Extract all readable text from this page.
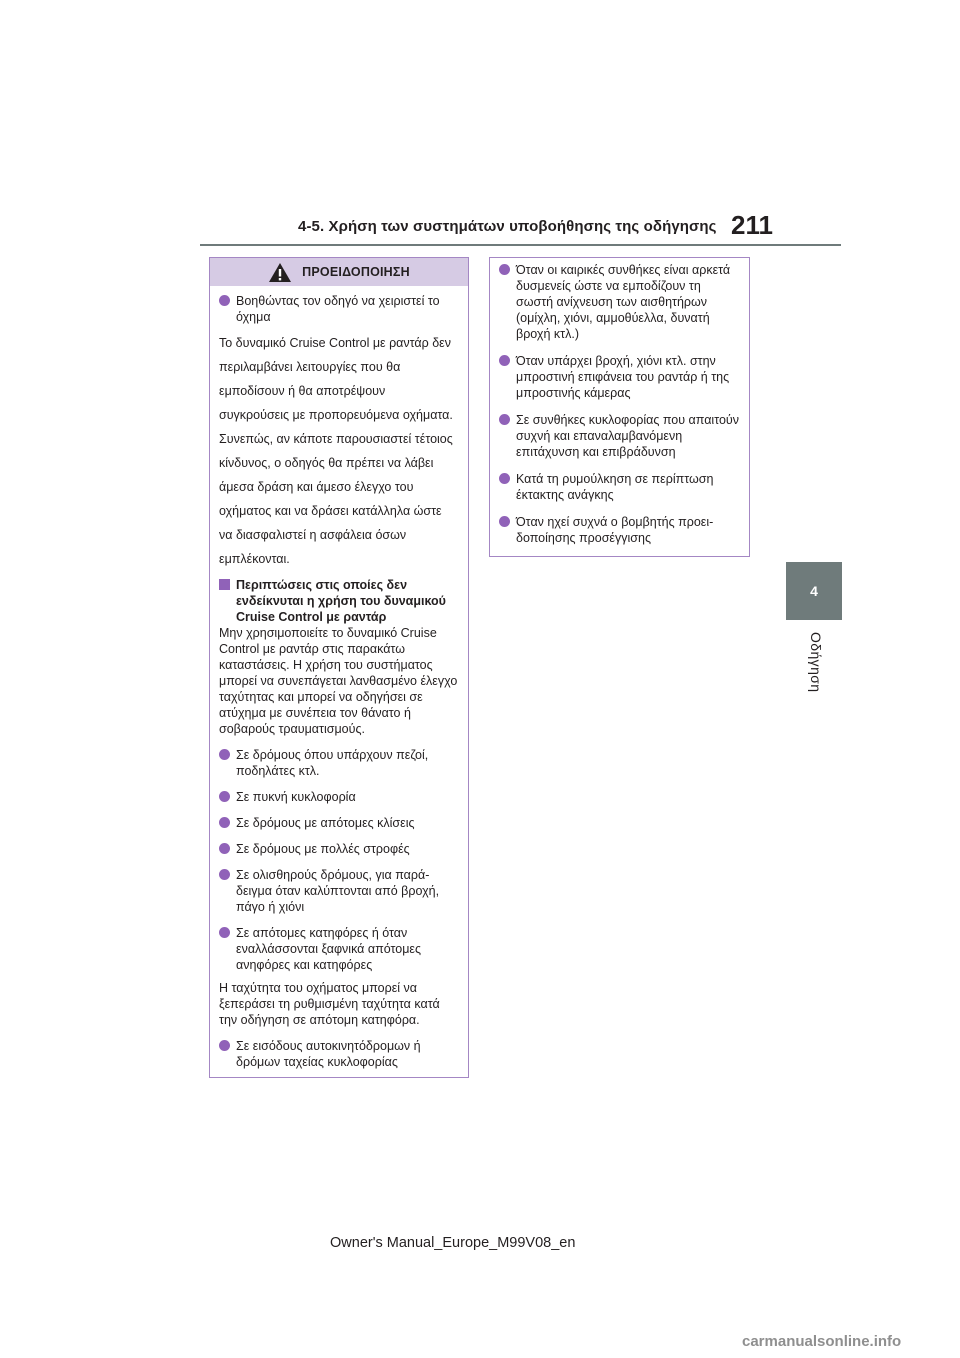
4-5. Χρήση των συστημάτων υποβοήθησης της οδήγησης 211
4
Οδήγηση
ΠΡΟΕΙΔΟΠΟΙΗΣΗ
Βοηθώντας τον οδηγό να χειριστεί το όχημα
Το δυναμικό Cruise Control με ραντάρ δεν περιλαμβάνει λειτουργίες που θα εμποδίσουν ή θα αποτρέψουν συγκρούσεις με προπορευόμενα οχήματα. Συνεπώς, αν κάποτε παρουσιαστεί τέτοιος κίνδυνος, ο οδηγός θα πρέπει να λάβει άμεσα δράση και άμεσο έλεγχο του οχήματος και να δράσει κατάλληλα ώστε να διασφαλιστεί η ασφάλεια όσων εμπλέκονται.
Περιπτώσεις στις οποίες δεν ενδείκνυται η χρήση του δυναμικού Cruise Control με ραντάρ
Μην χρησιμοποιείτε το δυναμικό Cruise Control με ραντάρ στις παρακάτω καταστάσεις. Η χρήση του συστήματος μπορεί να συνεπάγεται λανθασμένο έλεγχο ταχύτητας και μπορεί να οδηγήσει σε ατύχημα με συνέπεια τον θάνατο ή σοβαρούς τραυματισμούς.
Σε δρόμους όπου υπάρχουν πεζοί, ποδηλάτες κτλ.
Σε πυκνή κυκλοφορία
Σε δρόμους με απότομες κλίσεις
Σε δρόμους με πολλές στροφές
Σε ολισθηρούς δρόμους, για παράδειγμα όταν καλύπτονται από βροχή, πάγο ή χιόνι
Σε απότομες κατηφόρες ή όταν εναλλάσσονται ξαφνικά απότομες ανηφόρες και κατηφόρες
Η ταχύτητα του οχήματος μπορεί να ξεπεράσει τη ρυθμισμένη ταχύτητα κατά την οδήγηση σε απότομη κατηφόρα.
Σε εισόδους αυτοκινητόδρομων ή δρόμων ταχείας κυκλοφορίας
Όταν οι καιρικές συνθήκες είναι αρκετά δυσμενείς ώστε να εμποδίζουν τη σωστή ανίχνευση των αισθητήρων (ομίχλη, χιόνι, αμμοθύελλα, δυνατή βροχή κτλ.)
Όταν υπάρχει βροχή, χιόνι κτλ. στην μπροστινή επιφάνεια του ραντάρ ή της μπροστινής κάμερας
Σε συνθήκες κυκλοφορίας που απαιτούν συχνή και επαναλαμβανόμενη επιτάχυνση και επιβράδυνση
Κατά τη ρυμούλκηση σε περίπτωση έκτακτης ανάγκης
Όταν ηχεί συχνά ο βομβητής προειδοποίησης προσέγγισης
Owner's Manual_Europe_M99V08_en
carmanualsonline.info
